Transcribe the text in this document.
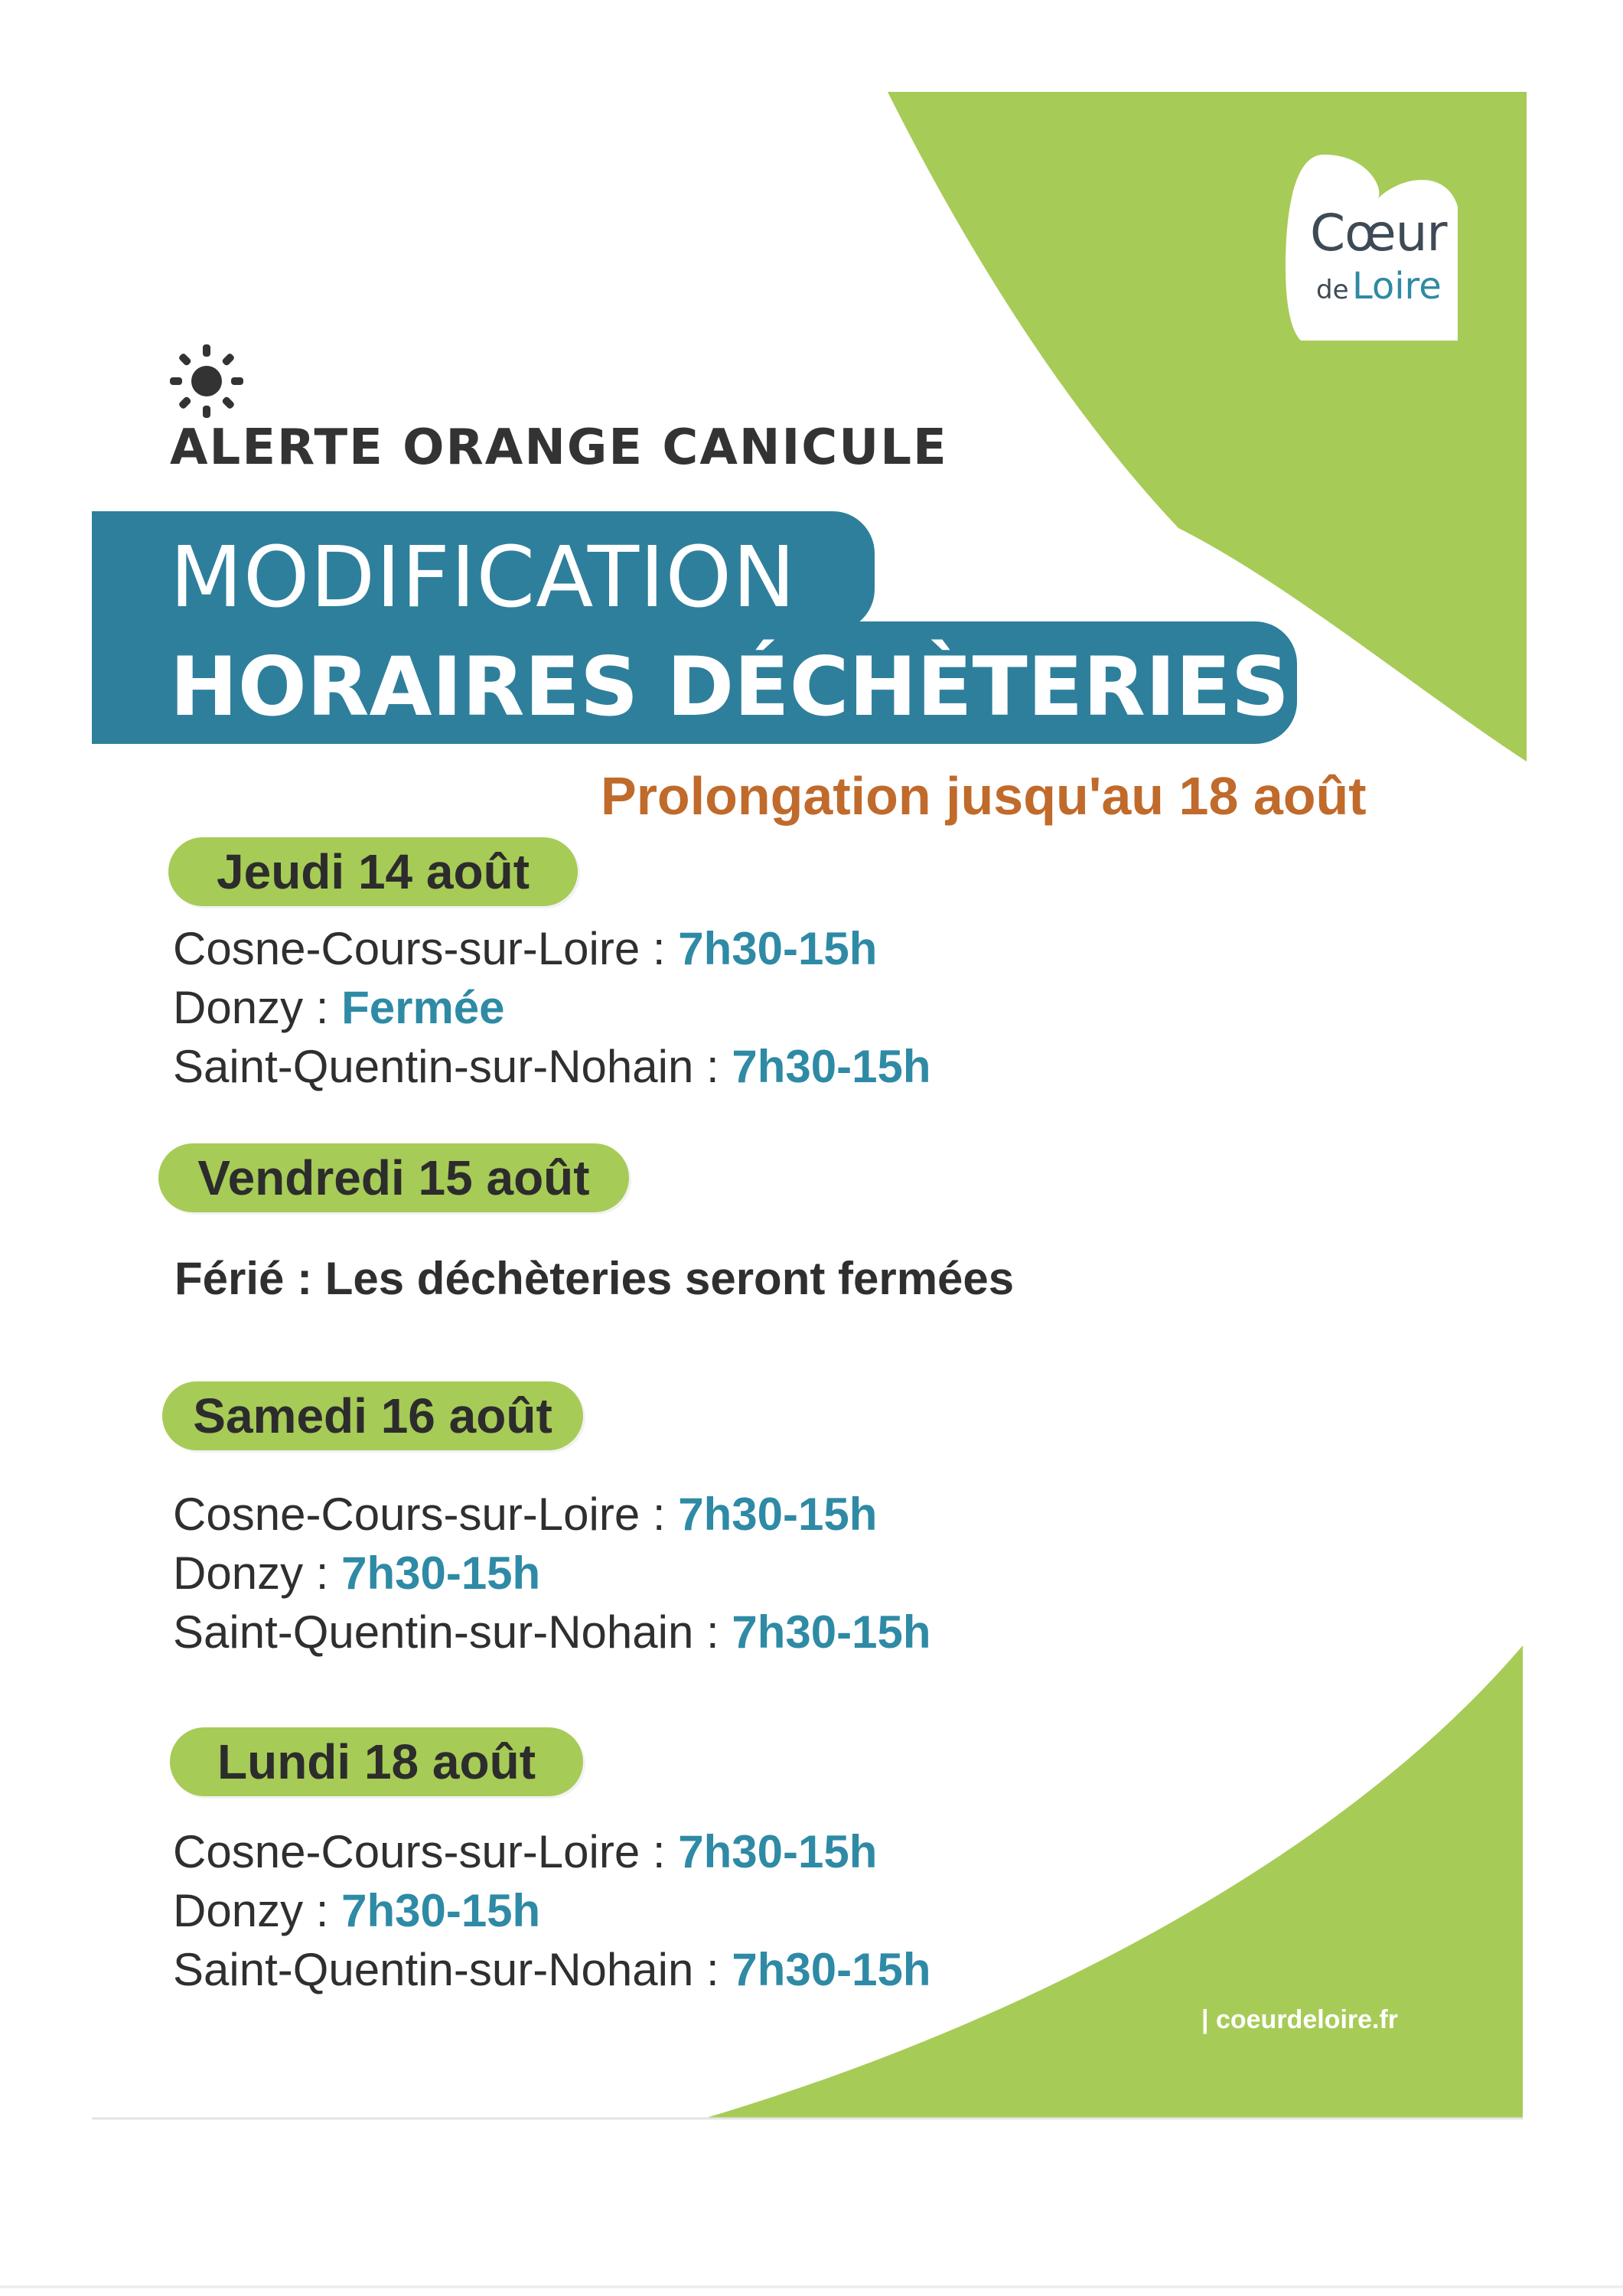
Cœur
de Loire
ALERTE ORANGE CANICULE
MODIFICATION
HORAIRES DÉCHÈTERIES
Prolongation jusqu'au 18 août
Jeudi 14 août
Cosne-Cours-sur-Loire : 7h30-15h
Donzy : Fermée
Saint-Quentin-sur-Nohain : 7h30-15h
Vendredi 15 août
Férié : Les déchèteries seront fermées
Samedi 16 août
Cosne-Cours-sur-Loire : 7h30-15h
Donzy : 7h30-15h
Saint-Quentin-sur-Nohain : 7h30-15h
Lundi 18 août
Cosne-Cours-sur-Loire : 7h30-15h
Donzy : 7h30-15h
Saint-Quentin-sur-Nohain : 7h30-15h
| coeurdeloire.fr
